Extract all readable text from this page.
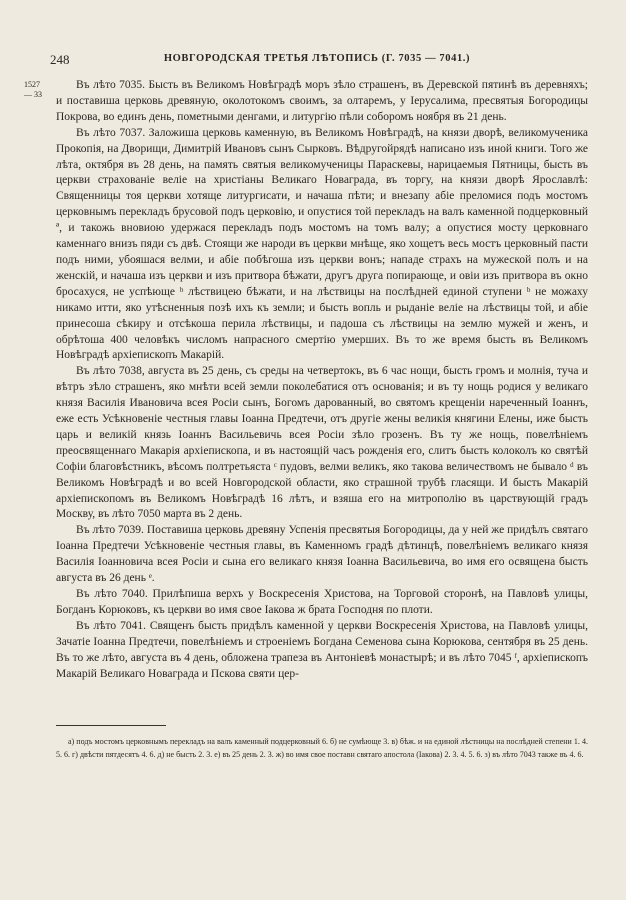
248	НОВГОРОДСКАЯ ТРЕТЬЯ ЛѢТОПИСЬ (Г. 7035 — 7041.)
1527
— 33

Въ лѣто 7035. Бысть въ Великомъ Новѣградѣ моръ зѣло страшенъ, въ Деревской пятинѣ въ деревняхъ; и поставиша церковь древяную, околотокомъ своимъ, за олтаремъ, у Іерусалима, пресвятыя Богородицы Покрова, во единъ день, пометными денгами, и литургію пѣли соборомъ ноября въ 21 день.

Въ лѣто 7037. Заложиша церковь каменную, въ Великомъ Новѣградѣ, на князи дворѣ, великомученика Прокопія, на Дворищи, Димитрій Ивановъ сынъ Сырковъ. Вѣдругойрядѣ написано изъ иной книги. Того же лѣта, октября въ 28 день, на память святыя великомученицы Параскевы, нарицаемыя Пятницы, бысть въ церкви страхованіе веліе на христіаны Великаго Новаграда, въ торгу, на князи дворѣ Ярославлѣ: Священницы тоя церкви хотяще литургисати, и начаша пѣти; и внезапу абіе преломися подъ мостомъ церковнымъ перекладъ брусовой подъ церковію, и опустися той перекладъ на валъ каменной подцерковный ª, и такожь вновиою удержася перекладъ подъ мостомъ на томъ валу; а опустися мосту церковнаго каменнаго внизъ пяди съ двѣ. Стоящи же народи въ церкви мнѣще, яко хощетъ весь мостъ церковный пасти подъ ними, убояшася велми, и абіе побѣгоша изъ церкви вонъ; нападе страхъ на мужеской полъ и на женскій, и начаша изъ церкви и изъ притвора бѣжати, другъ друга попирающе, и овіи изъ притвора въ окно бросахуся, не успѣюще ᵇ лѣствицею бѣжати, и на лѣствицы на послѣдней единой ступени ᵇ не можаху никамо итти, яко утѣсненныя позѣ ихъ къ земли; и бысть вопль и рыданіе веліе на лѣствицы той, и абіе принесоша сѣкиру и отсѣкоша перила лѣствицы, и падоша съ лѣствицы на землю мужей и женъ, и обрѣтоша 400 человѣкъ числомъ напрасного смертію умерших. Въ то же время бысть въ Великомъ Новѣградѣ архіепископъ Макарій.

Въ лѣто 7038, августа въ 25 день, съ среды на четвертокъ, въ 6 час нощи, бысть громъ и молнія, туча и вѣтръ зѣло страшенъ, яко мнѣти всей земли поколебатися отъ основанія; и въ ту нощь родися у великаго князя Василія Ивановича всея Росіи сынъ, Богомъ дарованный, во святомъ крещеніи нареченный Іоаннъ, еже есть Усѣкновеніе честныя главы Іоанна Предтечи, отъ другіе жены великія княгини Елены, иже бысть царь и великій князь Іоаннъ Васильевичь всея Росіи зѣло грозенъ. Въ ту же нощь, повелѣніемъ преосвященнаго Макарія архіепископа, и въ настоящій часъ рожденія его, слитъ бысть колоколъ ко святѣй Софіи благовѣстникъ, вѣсомъ полтретьяста ᶜ пудовъ, велми великъ, яко такова величествомъ не бывало ᵈ въ Великомъ Новѣградѣ и во всей Новгородской области, яко страшной трубѣ гласящи. И бысть Макарій архіепископомъ въ Великомъ Новѣградѣ 16 лѣтъ, и взяша его на митрополію въ царствующій градъ Москву, въ лѣто 7050 марта въ 2 день.

Въ лѣто 7039. Поставиша церковь древяну Успенія пресвятыя Богородицы, да у ней же придѣлъ святаго Іоанна Предтечи Усѣкновеніе честныя главы, въ Каменномъ градѣ дѣтинцѣ, повелѣніемъ великаго князя Василія Іоанновича всея Росіи и сына его великаго князя Іоанна Васильевича, во имя его освящена бысть августа въ 26 день ᵉ.

Въ лѣто 7040. Прилѣпиша верхъ у Воскресенія Христова, на Торговой сторонѣ, на Павловѣ улицы, Богданъ Корюковъ, къ церкви во имя свое Іакова ж брата Господня по плоти.

Въ лѣто 7041. Священъ бысть придѣлъ каменной у церкви Воскресенія Христова, на Павловѣ улицы, Зачатіе Іоанна Предтечи, повелѣніемъ и строеніемъ Богдана Семенова сына Корюкова, сентября въ 25 день. Въ то же лѣто, августа въ 4 день, обложена трапеза въ Антоніевѣ монастырѣ; и въ лѣто 7045 ᶠ, архіепископъ Макарій Великаго Новаграда и Пскова святи цер-

а) подъ мостомъ церковнымъ перекладъ на валъ каменный подцерковный 6. б) не сумѣюще 3. в) бѣж. и на единой лѣстницы на послѣдней степени 1. 4. 5. 6. г) двѣсти пятдесятъ 4. 6. д) не бысть 2. 3. е) въ 25 день 2. 3. ж) во имя свое поставн святаго апостола (Іакова) 2. 3. 4. 5. 6. з) въ лѣто 7043 также въ 4. 6.
